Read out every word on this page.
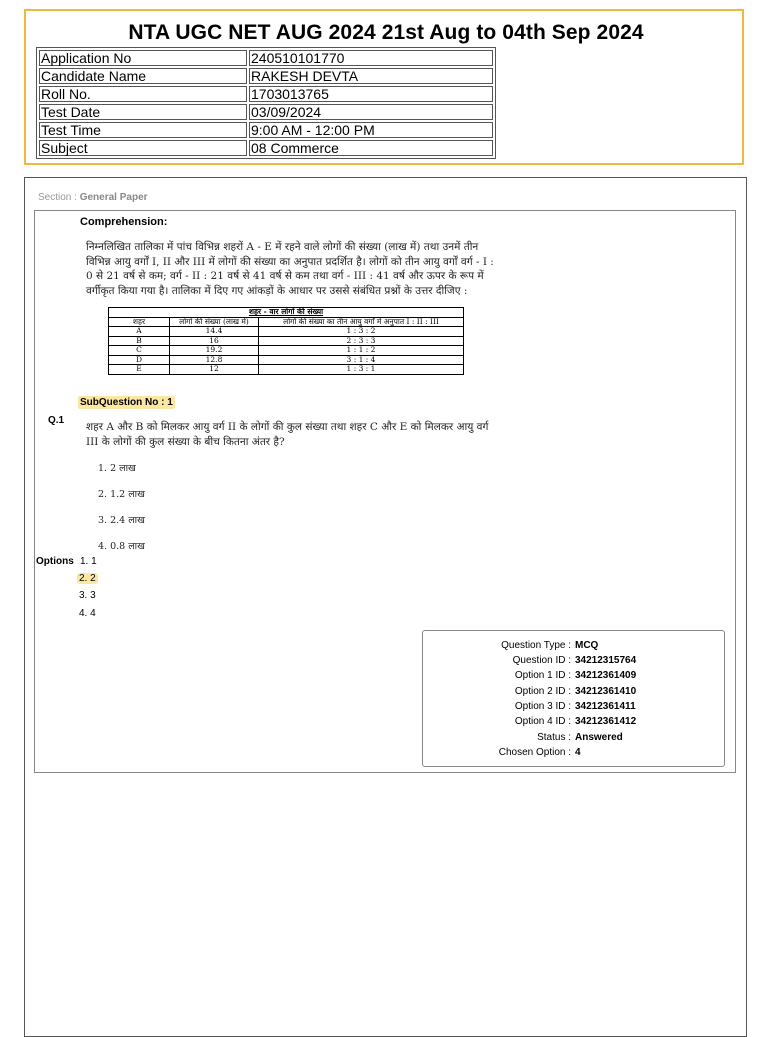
NTA UGC NET AUG 2024 21st Aug to 04th Sep 2024
Application No	240510101770
Candidate Name	RAKESH DEVTA
Roll No.	1703013765
Test Date	03/09/2024
Test Time	9:00 AM - 12:00 PM
Subject	08 Commerce
Section : General Paper
Comprehension:
निम्नलिखित तालिका में पांच विभिन्न शहरों A - E में रहने वाले लोगों की संख्या (लाख में) तथा उनमें तीन
विभिन्न आयु वर्गों I, II और III में लोगों की संख्या का अनुपात प्रदर्शित है। लोगों को तीन आयु वर्गों वर्ग - I :
0 से 21 वर्ष से कम; वर्ग - II : 21 वर्ष से 41 वर्ष से कम तथा वर्ग - III : 41 वर्ष और ऊपर के रूप में
वर्गीकृत किया गया है। तालिका में दिए गए आंकड़ों के आधार पर उससे संबंधित प्रश्नों के उत्तर दीजिए :
शहर - वार लोगों की संख्या		
शहर	लोगों की संख्या (लाख में)	लोगों की संख्या का तीन आयु वर्गों में अनुपात I : II : III
A	14.4	1 : 3 : 2
B	16	2 : 3 : 3
C	19.2	1 : 1 : 2
D	12.8	3 : 1 : 4
E	12	1 : 3 : 1
SubQuestion No : 1
Q.1
शहर A और B को मिलकर आयु वर्ग II के लोगों की कुल संख्या तथा शहर C और E को मिलकर आयु वर्ग
III के लोगों की कुल संख्या के बीच कितना अंतर है?
1. 2 लाख
2. 1.2 लाख
3. 2.4 लाख
4. 0.8 लाख
Options 1. 1
2. 2
3. 3
4. 4
Question Type : MCQ
Question ID : 34212315764
Option 1 ID : 34212361409
Option 2 ID : 34212361410
Option 3 ID : 34212361411
Option 4 ID : 34212361412
Status : Answered
Chosen Option : 4
